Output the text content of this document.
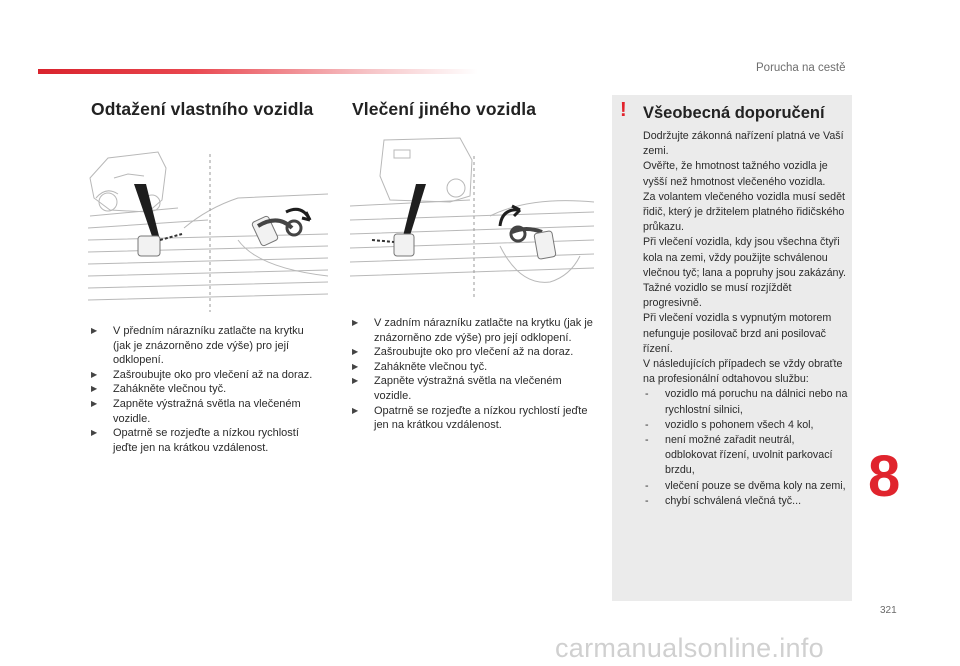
Porucha na cestě
Odtažení vlastního vozidla
▶ V předním nárazníku zatlačte na krytku (jak je znázorněno zde výše) pro její odklopení.
▶ Zašroubujte oko pro vlečení až na doraz.
▶ Zahákněte vlečnou tyč.
▶ Zapněte výstražná světla na vlečeném vozidle.
▶ Opatrně se rozjeďte a nízkou rychlostí jeďte jen na krátkou vzdálenost.
Vlečení jiného vozidla
▶ V zadním nárazníku zatlačte na krytku (jak je znázorněno zde výše) pro její odklopení.
▶ Zašroubujte oko pro vlečení až na doraz.
▶ Zahákněte vlečnou tyč.
▶ Zapněte výstražná světla na vlečeném vozidle.
▶ Opatrně se rozjeďte a nízkou rychlostí jeďte jen na krátkou vzdálenost.
! Všeobecná doporučení

Dodržujte zákonná nařízení platná ve Vaší zemi.

Ověřte, že hmotnost tažného vozidla je vyšší než hmotnost vlečeného vozidla.

Za volantem vlečeného vozidla musí sedět řidič, který je držitelem platného řidičského průkazu.

Při vlečení vozidla, kdy jsou všechna čtyři kola na zemi, vždy použijte schválenou vlečnou tyč; lana a popruhy jsou zakázány.

Tažné vozidlo se musí rozjíždět progresivně.

Při vlečení vozidla s vypnutým motorem nefunguje posilovač brzd ani posilovač řízení.

V následujících případech se vždy obraťte na profesionální odtahovou službu:

- vozidlo má poruchu na dálnici nebo na rychlostní silnici,
- vozidlo s pohonem všech 4 kol,
- není možné zařadit neutrál, odblokovat řízení, uvolnit parkovací brzdu,
- vlečení pouze se dvěma koly na zemi,
- chybí schválená vlečná tyč...	8
321
carmanualsonline.info
